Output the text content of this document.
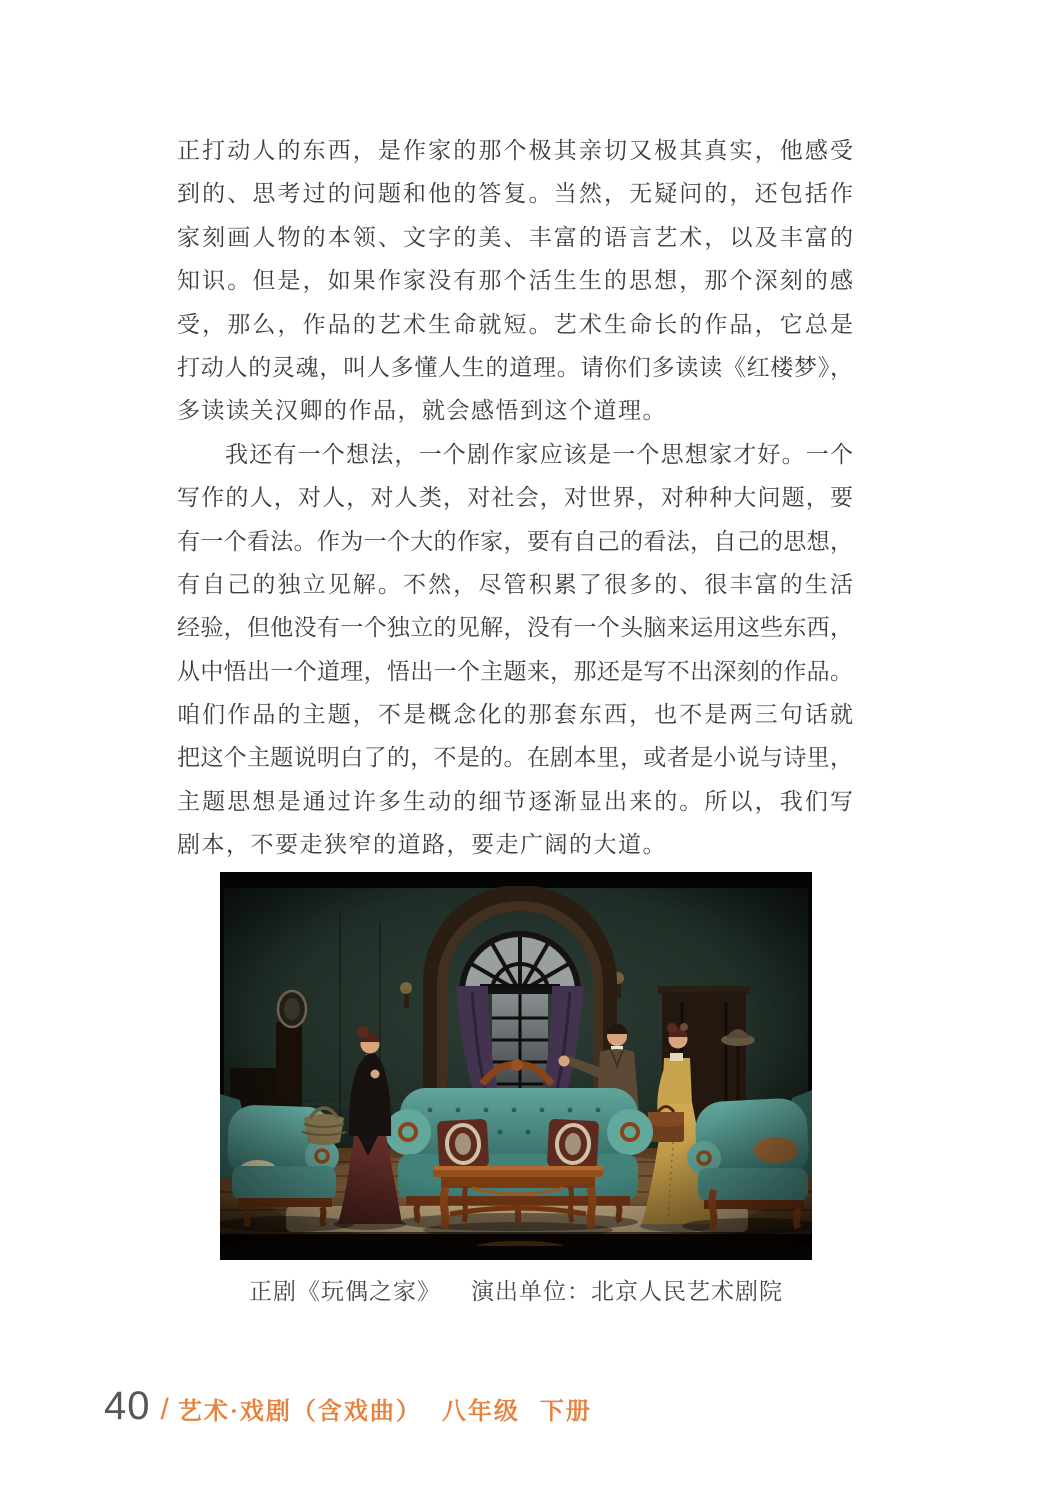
正打动人的东西，是作家的那个极其亲切又极其真实，他感受
到的、思考过的问题和他的答复。当然，无疑问的，还包括作
家刻画人物的本领、文字的美、丰富的语言艺术，以及丰富的
知识。但是，如果作家没有那个活生生的思想，那个深刻的感
受，那么，作品的艺术生命就短。艺术生命长的作品，它总是
打动人的灵魂，叫人多懂人生的道理。请你们多读读《红楼梦》，
多读读关汉卿的作品，就会感悟到这个道理。
我还有一个想法，一个剧作家应该是一个思想家才好。一个
写作的人，对人，对人类，对社会，对世界，对种种大问题，要
有一个看法。作为一个大的作家，要有自己的看法，自己的思想，
有自己的独立见解。不然，尽管积累了很多的、很丰富的生活
经验，但他没有一个独立的见解，没有一个头脑来运用这些东西，
从中悟出一个道理，悟出一个主题来，那还是写不出深刻的作品。
咱们作品的主题，不是概念化的那套东西，也不是两三句话就
把这个主题说明白了的，不是的。在剧本里，或者是小说与诗里，
主题思想是通过许多生动的细节逐渐显出来的。所以，我们写
剧本，不要走狭窄的道路，要走广阔的大道。
正剧《玩偶之家》 演出单位：北京人民艺术剧院
40 / 艺术·戏剧（含戏曲） 八年级 下册
